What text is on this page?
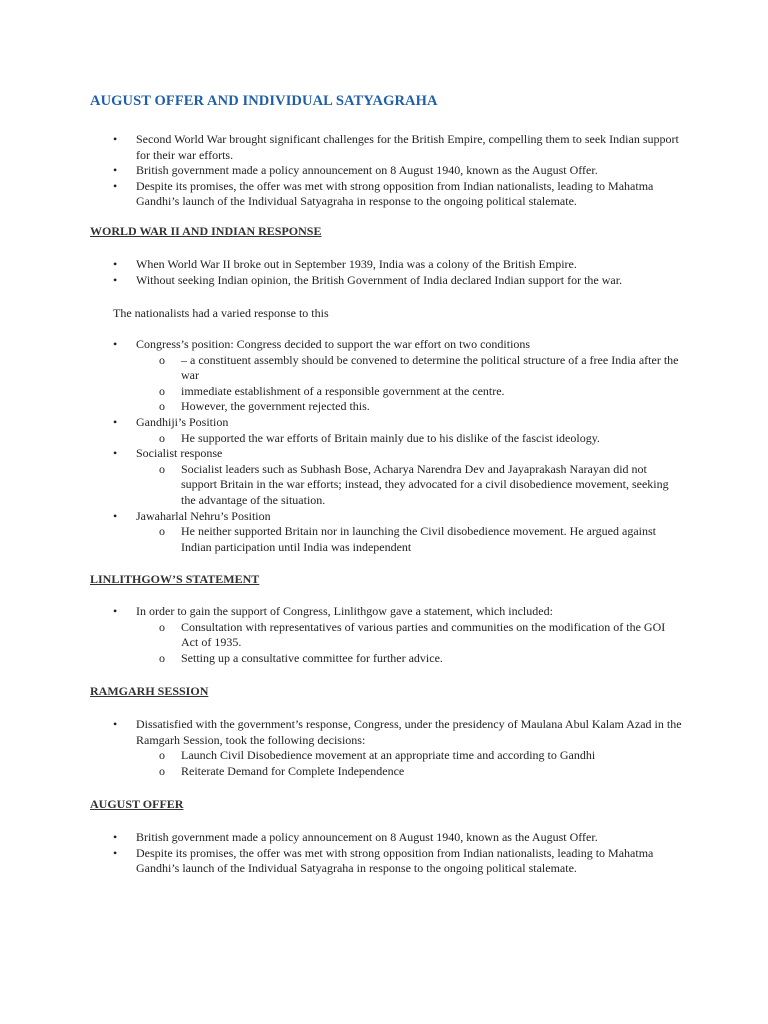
AUGUST OFFER AND INDIVIDUAL SATYAGRAHA
• Second World War brought significant challenges for the British Empire, compelling them to seek Indian support for their war efforts.
• British government made a policy announcement on 8 August 1940, known as the August Offer.
• Despite its promises, the offer was met with strong opposition from Indian nationalists, leading to Mahatma Gandhi’s launch of the Individual Satyagraha in response to the ongoing political stalemate.
WORLD WAR II AND INDIAN RESPONSE
• When World War II broke out in September 1939, India was a colony of the British Empire.
• Without seeking Indian opinion, the British Government of India declared Indian support for the war.

The nationalists had a varied response to this

• Congress’s position: Congress decided to support the war effort on two conditions
o – a constituent assembly should be convened to determine the political structure of a free India after the war
o immediate establishment of a responsible government at the centre.
o However, the government rejected this.
• Gandhiji’s Position
o He supported the war efforts of Britain mainly due to his dislike of the fascist ideology.
• Socialist response
o Socialist leaders such as Subhash Bose, Acharya Narendra Dev and Jayaprakash Narayan did not support Britain in the war efforts; instead, they advocated for a civil disobedience movement, seeking the advantage of the situation.
• Jawaharlal Nehru’s Position
o He neither supported Britain nor in launching the Civil disobedience movement. He argued against Indian participation until India was independent
LINLITHGOW’S STATEMENT
• In order to gain the support of Congress, Linlithgow gave a statement, which included:
o Consultation with representatives of various parties and communities on the modification of the GOI Act of 1935.
o Setting up a consultative committee for further advice.
RAMGARH SESSION
• Dissatisfied with the government’s response, Congress, under the presidency of Maulana Abul Kalam Azad in the Ramgarh Session, took the following decisions:
o Launch Civil Disobedience movement at an appropriate time and according to Gandhi
o Reiterate Demand for Complete Independence
AUGUST OFFER
• British government made a policy announcement on 8 August 1940, known as the August Offer.
• Despite its promises, the offer was met with strong opposition from Indian nationalists, leading to Mahatma Gandhi’s launch of the Individual Satyagraha in response to the ongoing political stalemate.
